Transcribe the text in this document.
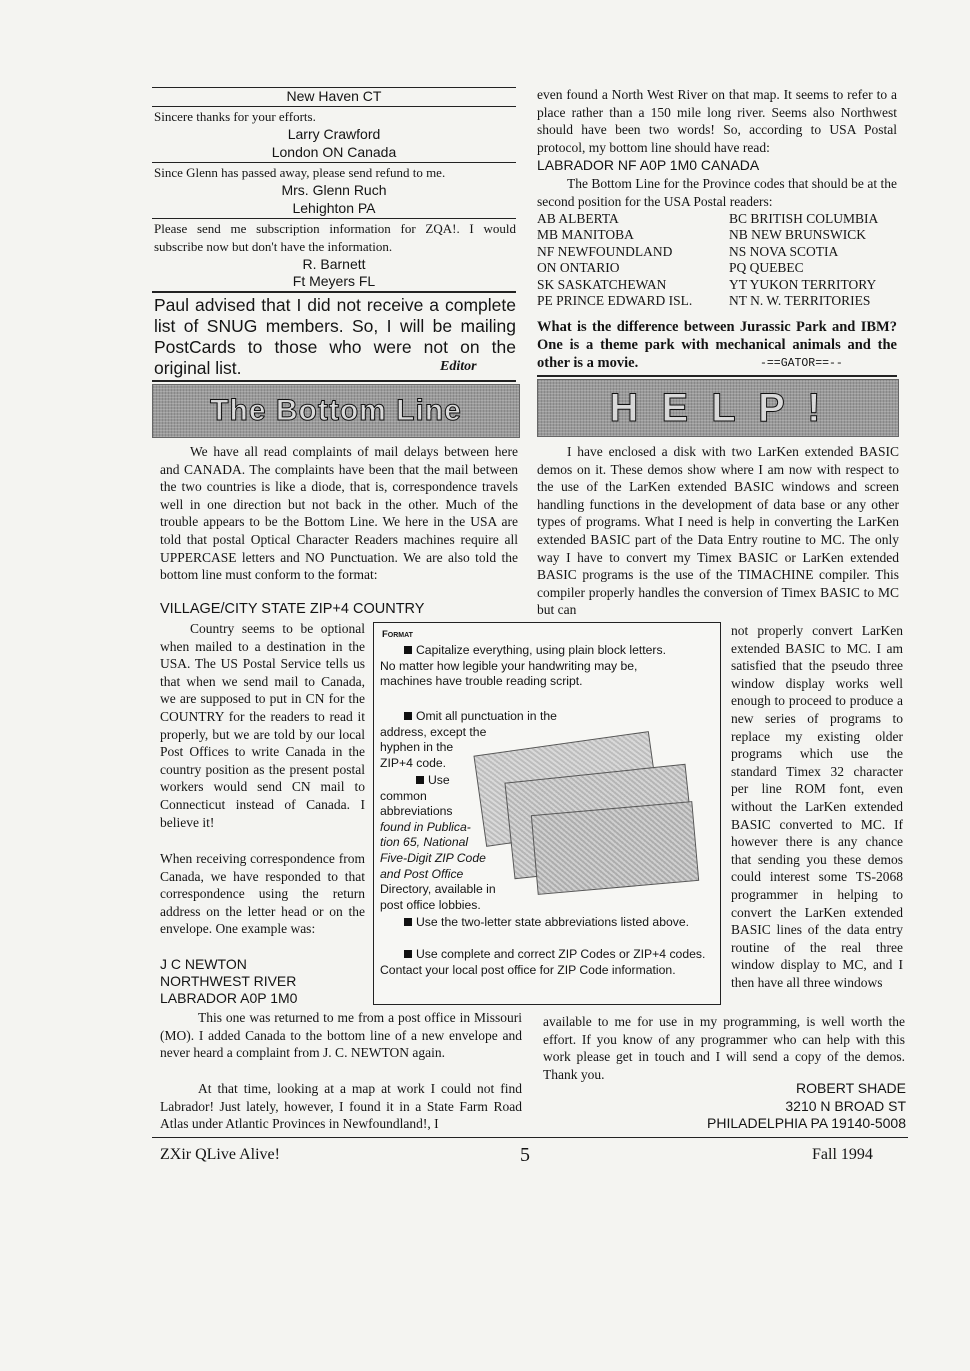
New Haven CT
Sincere thanks for your efforts.
Larry Crawford
London ON Canada
Since Glenn has passed away, please send refund to me.
Mrs. Glenn Ruch
Lehighton PA
Please send me subscription information for ZQA!. I would subscribe now but don't have the information.
R. Barnett
Ft Meyers FL
Paul advised that I did not receive a complete list of SNUG members. So, I will be mailing PostCards to those who were not on the original list.	Editor
even found a North West River on that map. It seems to refer to a place rather than a 150 mile long river. Seems also Northwest should have been two words! So, according to USA Postal protocol, my bottom line should have read:
LABRADOR NF A0P 1M0 CANADA
The Bottom Line for the Province codes that should be at the second position for the USA Postal readers:
AB ALBERTA	BC BRITISH COLUMBIA
MB MANITOBA	NB NEW BRUNSWICK
NF NEWFOUNDLAND	NS NOVA SCOTIA
ON ONTARIO	PQ QUEBEC
SK SASKATCHEWAN	YT YUKON TERRITORY
PE PRINCE EDWARD ISL.	NT N. W. TERRITORIES
What is the difference between Jurassic Park and IBM? One is a theme park with mechanical animals and the other is a movie.	-==GATOR==--
The Bottom Line	H E L P !
We have all read complaints of mail delays between here and CANADA. The complaints have been that the mail between the two countries is like a diode, that is, correspondence travels well in one direction but not back in the other. Much of the trouble appears to be the Bottom Line. We here in the USA are told that postal Optical Character Readers machines require all UPPERCASE letters and NO Punctuation. We are also told the bottom line must conform to the format:
VILLAGE/CITY STATE ZIP+4 COUNTRY
Country seems to be optional when mailed to a destination in the USA. The US Postal Service tells us that when we send mail to Canada, we are supposed to put in CN for the COUNTRY for the readers to read it properly, but we are told by our local Post Offices to write Canada in the country position as the present postal workers would send CN mail to Connecticut instead of Canada. I believe it!
When receiving correspondence from Canada, we have responded to that correspondence using the return address on the letter head or on the envelope. One example was:
J C NEWTON
NORTHWEST RIVER
LABRADOR A0P 1M0
This one was returned to me from a post office in Missouri (MO). I added Canada to the bottom line of a new envelope and never heard a complaint from J. C. NEWTON again.
At that time, looking at a map at work I could not find Labrador! Just lately, however, I found it in a State Farm Road Atlas under Atlantic Provinces in Newfoundland!, I
Format
Capitalize everything, using plain block letters. No matter how legible your handwriting may be, machines have trouble reading script.
Omit all punctuation in the
address, except the
hyphen in the
ZIP+4 code.
Use
common
abbreviations
found in Publica-
tion 65, National
Five-Digit ZIP Code
and Post Office
Directory, available in
post office lobbies.
Use the two-letter state abbreviations listed above.
Use complete and correct ZIP Codes or ZIP+4 codes. Contact your local post office for ZIP Code information.
I have enclosed a disk with two LarKen extended BASIC demos on it. These demos show where I am now with respect to the use of the LarKen extended BASIC windows and screen handling functions in the development of data base or any other types of programs. What I need is help in converting the LarKen extended BASIC part of the Data Entry routine to MC. The only way I have to convert my Timex BASIC or LarKen extended BASIC programs is the use of the TIMACHINE compiler. This compiler properly handles the conversion of Timex BASIC to MC but can
not properly convert LarKen extended BASIC to MC. I am satisfied that the pseudo three window display works well enough to proceed to produce a new series of programs to replace my existing older programs which use the standard Timex 32 character per line ROM font, even without the LarKen extended BASIC converted to MC. If however there is any chance that sending you these demos could interest some TS-2068 programmer in helping to convert the LarKen extended BASIC lines of the data entry routine of the real three window display to MC, and I then have all three windows
available to me for use in my programming, is well worth the effort. If you know of any programmer who can help with this work please get in touch and I will send a copy of the demos. Thank you.
ROBERT SHADE
3210 N BROAD ST
PHILADELPHIA PA 19140-5008
ZXir QLive Alive!	5	Fall 1994
